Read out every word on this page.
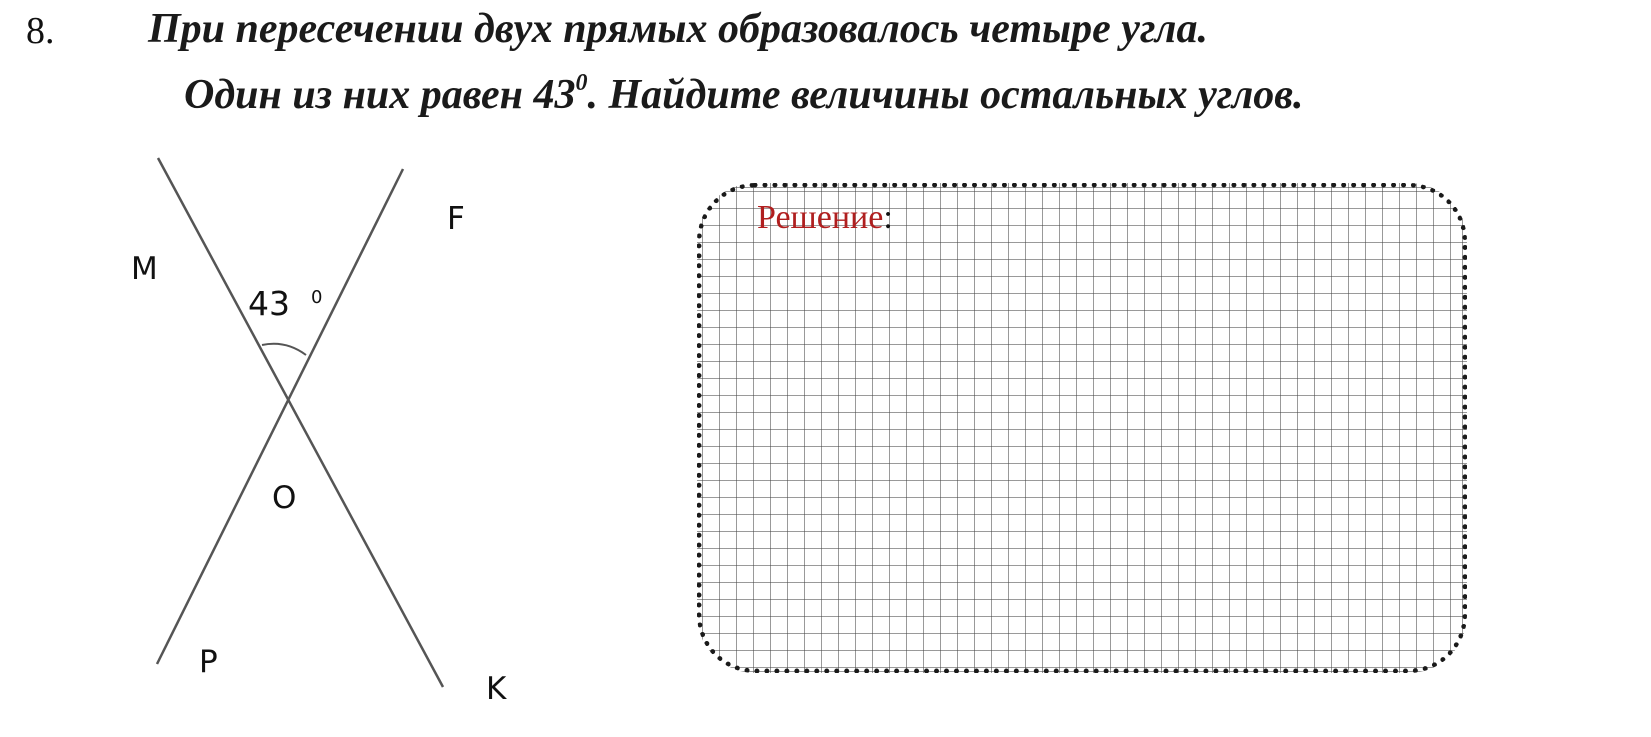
8. При пересечении двух прямых образовалось четыре угла.
Один из них равен $43^0$. Найдите величины остальных углов.
M
F
P
K
O
43 0
Решение:
